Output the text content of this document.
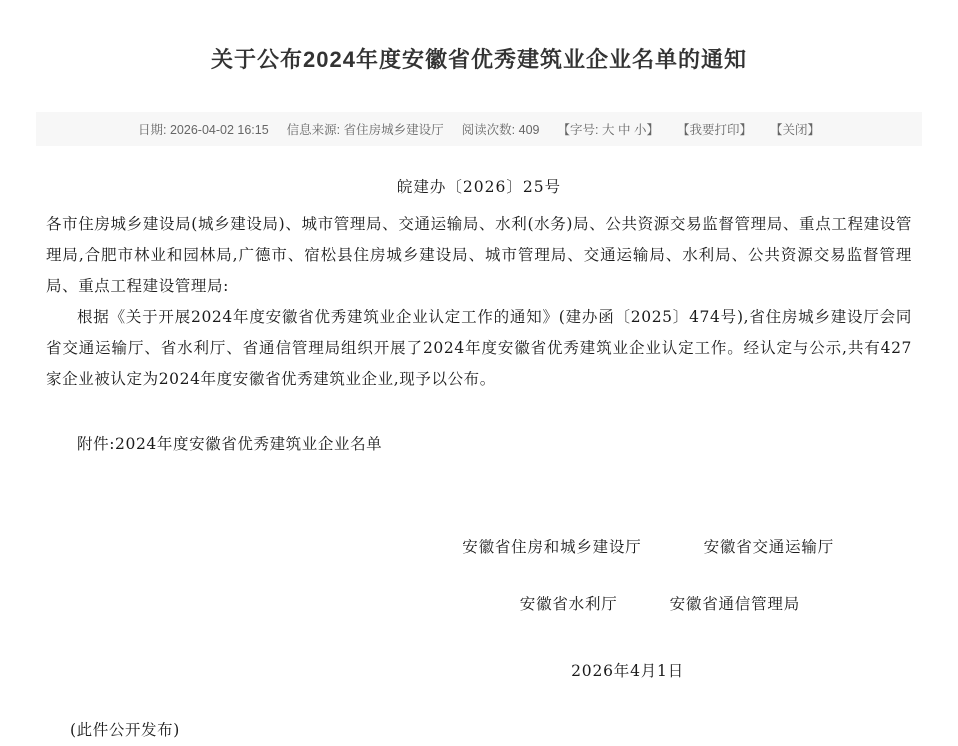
关于公布2024年度安徽省优秀建筑业企业名单的通知
日期: 2026-04-02 16:15 信息来源: 省住房城乡建设厅 阅读次数: 409 【字号: 大 中 小】 【我要打印】 【关闭】
皖建办〔2026〕25号

各市住房城乡建设局(城乡建设局)、城市管理局、交通运输局、水利(水务)局、公共资源交易监督管理局、重点工程建设管理局,合肥市林业和园林局,广德市、宿松县住房城乡建设局、城市管理局、交通运输局、水利局、公共资源交易监督管理局、重点工程建设管理局:

根据《关于开展2024年度安徽省优秀建筑业企业认定工作的通知》(建办函〔2025〕474号),省住房城乡建设厅会同省交通运输厅、省水利厅、省通信管理局组织开展了2024年度安徽省优秀建筑业企业认定工作。经认定与公示,共有427家企业被认定为2024年度安徽省优秀建筑业企业,现予以公布。

附件:2024年度安徽省优秀建筑业企业名单
安徽省住房和城乡建设厅	安徽省交通运输厅
安徽省水利厅	安徽省通信管理局
2026年4月1日
(此件公开发布)
